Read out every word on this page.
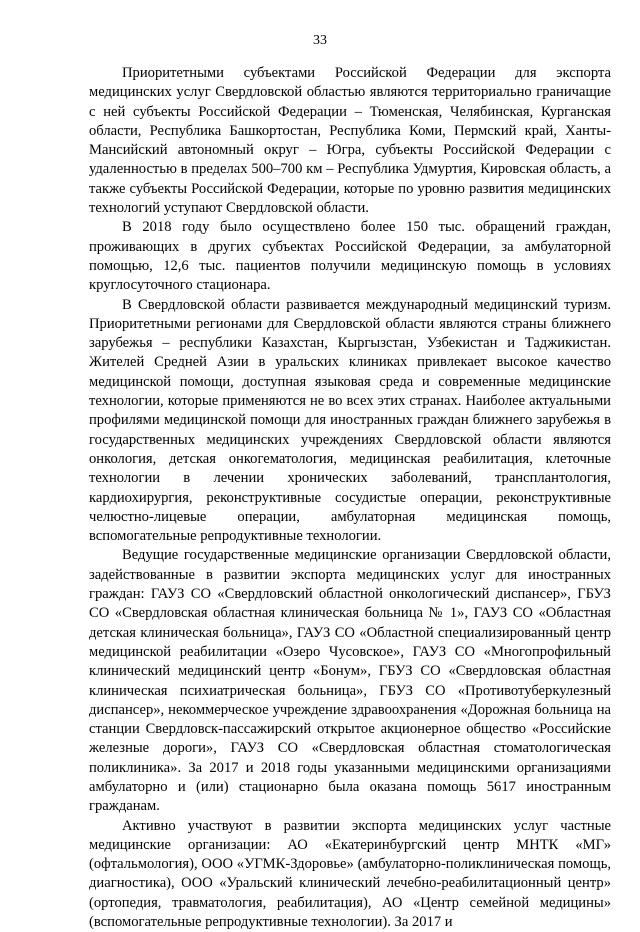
33

Приоритетными субъектами Российской Федерации для экспорта медицинских услуг Свердловской областью являются территориально граничащие с ней субъекты Российской Федерации – Тюменская, Челябинская, Курганская области, Республика Башкортостан, Республика Коми, Пермский край, Ханты-Мансийский автономный округ – Югра, субъекты Российской Федерации с удаленностью в пределах 500–700 км – Республика Удмуртия, Кировская область, а также субъекты Российской Федерации, которые по уровню развития медицинских технологий уступают Свердловской области.

В 2018 году было осуществлено более 150 тыс. обращений граждан, проживающих в других субъектах Российской Федерации, за амбулаторной помощью, 12,6 тыс. пациентов получили медицинскую помощь в условиях круглосуточного стационара.

В Свердловской области развивается международный медицинский туризм. Приоритетными регионами для Свердловской области являются страны ближнего зарубежья – республики Казахстан, Кыргызстан, Узбекистан и Таджикистан. Жителей Средней Азии в уральских клиниках привлекает высокое качество медицинской помощи, доступная языковая среда и современные медицинские технологии, которые применяются не во всех этих странах. Наиболее актуальными профилями медицинской помощи для иностранных граждан ближнего зарубежья в государственных медицинских учреждениях Свердловской области являются онкология, детская онкогематология, медицинская реабилитация, клеточные технологии в лечении хронических заболеваний, трансплантология, кардиохирургия, реконструктивные сосудистые операции, реконструктивные челюстно-лицевые операции, амбулаторная медицинская помощь, вспомогательные репродуктивные технологии.

Ведущие государственные медицинские организации Свердловской области, задействованные в развитии экспорта медицинских услуг для иностранных граждан: ГАУЗ СО «Свердловский областной онкологический диспансер», ГБУЗ СО «Свердловская областная клиническая больница № 1», ГАУЗ СО «Областная детская клиническая больница», ГАУЗ СО «Областной специализированный центр медицинской реабилитации «Озеро Чусовское», ГАУЗ СО «Многопрофильный клинический медицинский центр «Бонум», ГБУЗ СО «Свердловская областная клиническая психиатрическая больница», ГБУЗ СО «Противотуберкулезный диспансер», некоммерческое учреждение здравоохранения «Дорожная больница на станции Свердловск-пассажирский открытое акционерное общество «Российские железные дороги», ГАУЗ СО «Свердловская областная стоматологическая поликлиника». За 2017 и 2018 годы указанными медицинскими организациями амбулаторно и (или) стационарно была оказана помощь 5617 иностранным гражданам.

Активно участвуют в развитии экспорта медицинских услуг частные медицинские организации: АО «Екатеринбургский центр МНТК «МГ» (офтальмология), ООО «УГМК-Здоровье» (амбулаторно-поликлиническая помощь, диагностика), ООО «Уральский клинический лечебно-реабилитационный центр» (ортопедия, травматология, реабилитация), АО «Центр семейной медицины» (вспомогательные репродуктивные технологии). За 2017 и
